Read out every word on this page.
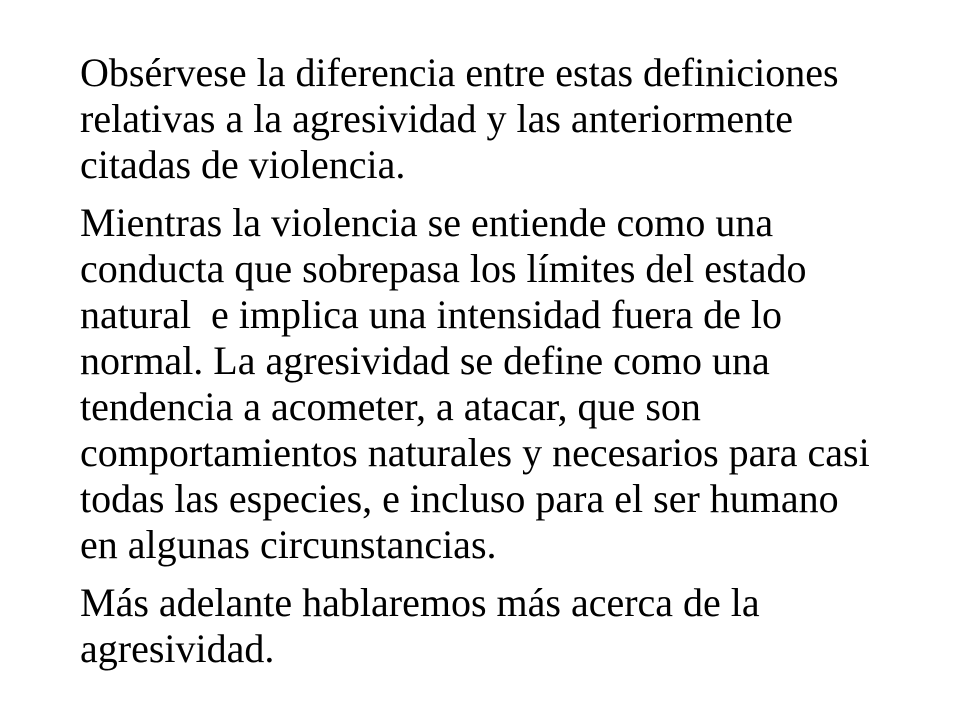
Obsérvese la diferencia entre estas definiciones relativas a la agresividad y las anteriormente citadas de violencia.

Mientras la violencia se entiende como una conducta que sobrepasa los límites del estado natural  e implica una intensidad fuera de lo normal. La agresividad se define como una tendencia a acometer, a atacar, que son comportamientos naturales y necesarios para casi todas las especies, e incluso para el ser humano en algunas circunstancias.

Más adelante hablaremos más acerca de la agresividad.
